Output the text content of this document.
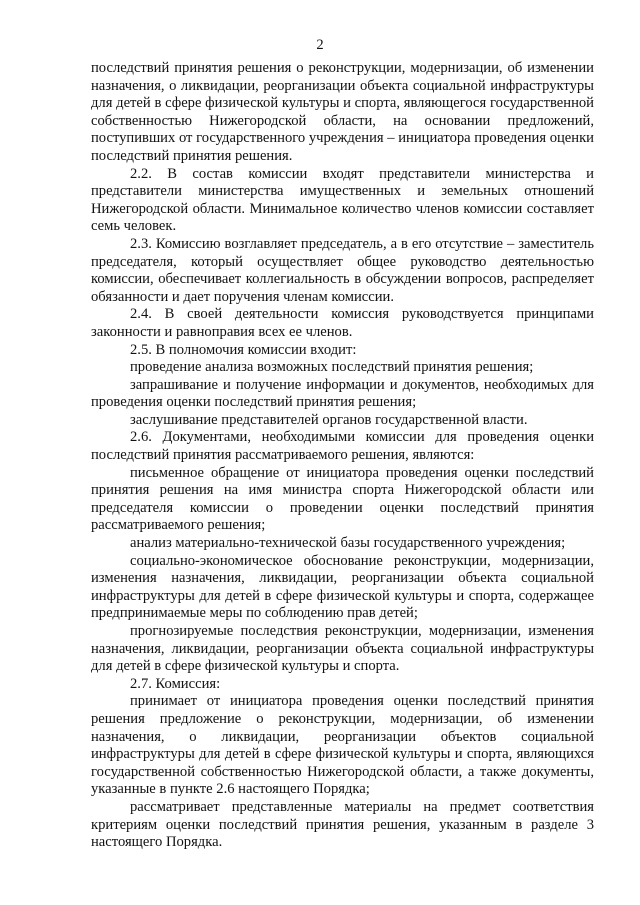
2

последствий принятия решения о реконструкции, модернизации, об изменении назначения, о ликвидации, реорганизации объекта социальной инфраструктуры для детей в сфере физической культуры и спорта, являющегося государственной собственностью Нижегородской области, на основании предложений, поступивших от государственного учреждения – инициатора проведения оценки последствий принятия решения.

2.2. В состав комиссии входят представители министерства и представители министерства имущественных и земельных отношений Нижегородской области. Минимальное количество членов комиссии составляет семь человек.

2.3. Комиссию возглавляет председатель, а в его отсутствие – заместитель председателя, который осуществляет общее руководство деятельностью комиссии, обеспечивает коллегиальность в обсуждении вопросов, распределяет обязанности и дает поручения членам комиссии.

2.4. В своей деятельности комиссия руководствуется принципами законности и равноправия всех ее членов.

2.5. В полномочия комиссии входит:

проведение анализа возможных последствий принятия решения;

запрашивание и получение информации и документов, необходимых для проведения оценки последствий принятия решения;

заслушивание представителей органов государственной власти.

2.6. Документами, необходимыми комиссии для проведения оценки последствий принятия рассматриваемого решения, являются:

письменное обращение от инициатора проведения оценки последствий принятия решения на имя министра спорта Нижегородской области или председателя комиссии о проведении оценки последствий принятия рассматриваемого решения;

анализ материально-технической базы государственного учреждения;

социально-экономическое обоснование реконструкции, модернизации, изменения назначения, ликвидации, реорганизации объекта социальной инфраструктуры для детей в сфере физической культуры и спорта, содержащее предпринимаемые меры по соблюдению прав детей;

прогнозируемые последствия реконструкции, модернизации, изменения назначения, ликвидации, реорганизации объекта социальной инфраструктуры для детей в сфере физической культуры и спорта.

2.7. Комиссия:

принимает от инициатора проведения оценки последствий принятия решения предложение о реконструкции, модернизации, об изменении назначения, о ликвидации, реорганизации объектов социальной инфраструктуры для детей в сфере физической культуры и спорта, являющихся государственной собственностью Нижегородской области, а также документы, указанные в пункте 2.6 настоящего Порядка;

рассматривает представленные материалы на предмет соответствия критериям оценки последствий принятия решения, указанным в разделе 3 настоящего Порядка.
